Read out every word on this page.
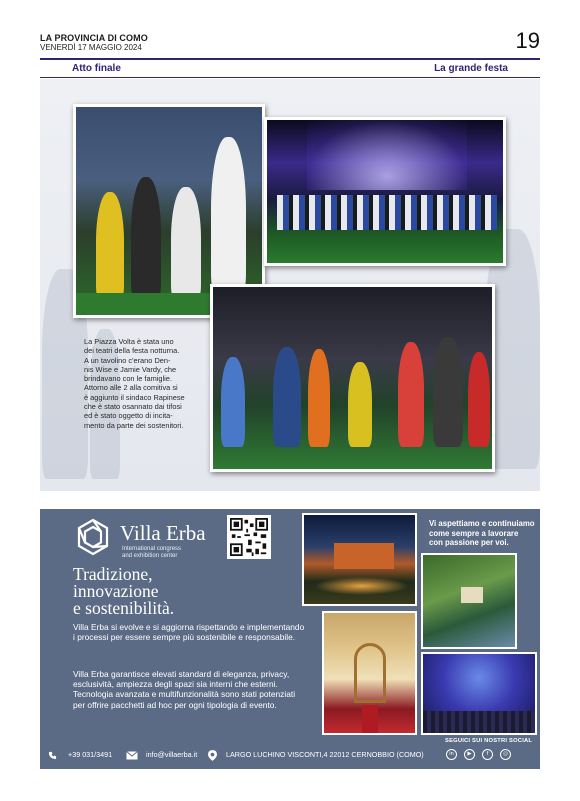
LA PROVINCIA DI COMO
VENERDÌ 17 MAGGIO 2024	19
Atto finale	La grande festa
La Piazza Volta è stata uno
dei teatri della festa notturna.
A un tavolino c'erano Den-
nis Wise e Jamie Vardy, che
brindavano con le famiglie.
Attorno alle 2 alla comitiva si
è aggiunto il sindaco Rapinese
che è stato osannato dai tifosi
ed è stato oggetto di incita-
mento da parte dei sostenitori.
Villa Erba
International congress
and exhibition center
Tradizione,
innovazione
e sostenibilità.
Villa Erba si evolve e si aggiorna rispettando e implementando i processi per essere sempre più sostenibile e responsabile.
Villa Erba garantisce elevati standard di eleganza, privacy, esclusività, ampiezza degli spazi sia interni che esterni. Tecnologia avanzata e multifunzionalità sono stati potenziati per offrire pacchetti ad hoc per ogni tipologia di evento.
Vi aspettiamo e continuiamo
come sempre a lavorare
con passione per voi.
SEGUICI SUI NOSTRI SOCIAL
+39 031/3491	info@villaerba.it	LARGO LUCHINO VISCONTI,4 22012 CERNOBBIO (COMO)	in	▶	f	◎
